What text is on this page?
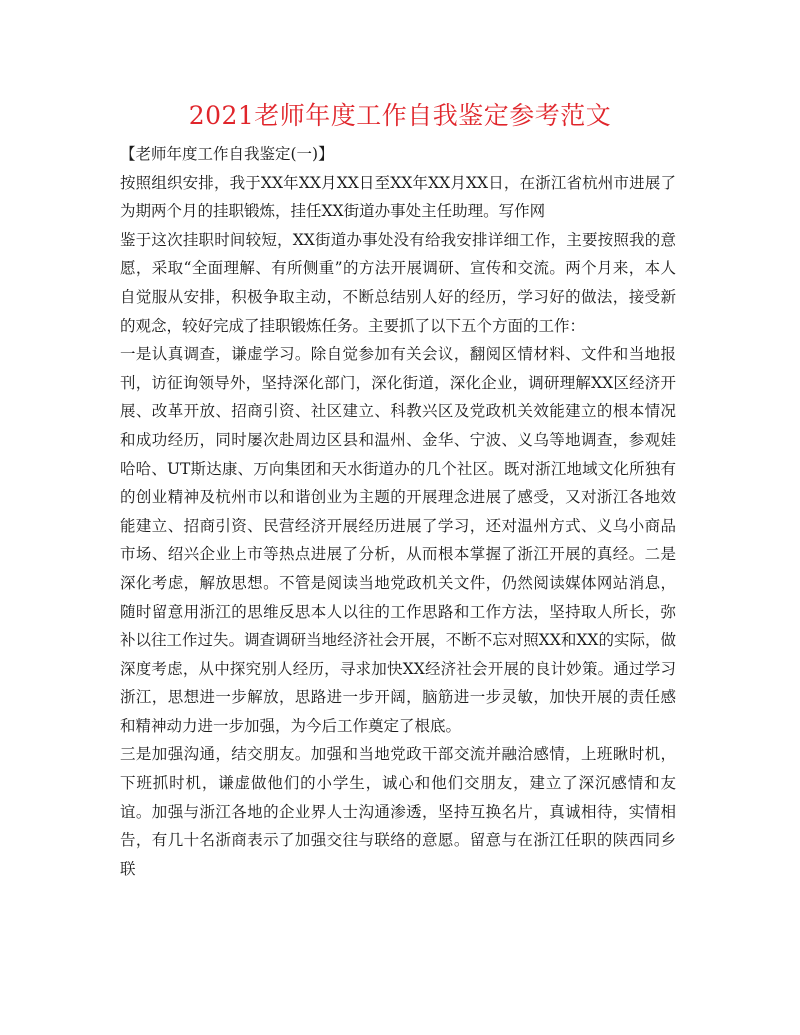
2021老师年度工作自我鉴定参考范文

【老师年度工作自我鉴定(一)】

按照组织安排，我于XX年XX月XX日至XX年XX月XX日，在浙江省杭州市进展了为期两个月的挂职锻炼，挂任XX街道办事处主任助理。写作网

鉴于这次挂职时间较短，XX街道办事处没有给我安排详细工作，主要按照我的意愿，采取“全面理解、有所侧重”的方法开展调研、宣传和交流。两个月来，本人自觉服从安排，积极争取主动，不断总结别人好的经历，学习好的做法，接受新的观念，较好完成了挂职锻炼任务。主要抓了以下五个方面的工作：

一是认真调查，谦虚学习。除自觉参加有关会议，翻阅区情材料、文件和当地报刊，访征询领导外，坚持深化部门，深化街道，深化企业，调研理解XX区经济开展、改革开放、招商引资、社区建立、科教兴区及党政机关效能建立的根本情况和成功经历，同时屡次赴周边区县和温州、金华、宁波、义乌等地调查，参观娃哈哈、UT斯达康、万向集团和天水街道办的几个社区。既对浙江地域文化所独有的创业精神及杭州市以和谐创业为主题的开展理念进展了感受，又对浙江各地效能建立、招商引资、民营经济开展经历进展了学习，还对温州方式、义乌小商品市场、绍兴企业上市等热点进展了分析，从而根本掌握了浙江开展的真经。二是深化考虑，解放思想。不管是阅读当地党政机关文件，仍然阅读媒体网站消息，随时留意用浙江的思维反思本人以往的工作思路和工作方法，坚持取人所长，弥补以往工作过失。调查调研当地经济社会开展，不断不忘对照XX和XX的实际，做深度考虑，从中探究别人经历，寻求加快XX经济社会开展的良计妙策。通过学习浙江，思想进一步解放，思路进一步开阔，脑筋进一步灵敏，加快开展的责任感和精神动力进一步加强，为今后工作奠定了根底。

三是加强沟通，结交朋友。加强和当地党政干部交流并融洽感情，上班瞅时机，下班抓时机，谦虚做他们的小学生，诚心和他们交朋友，建立了深沉感情和友谊。加强与浙江各地的企业界人士沟通渗透，坚持互换名片，真诚相待，实情相告，有几十名浙商表示了加强交往与联络的意愿。留意与在浙江任职的陕西同乡联
